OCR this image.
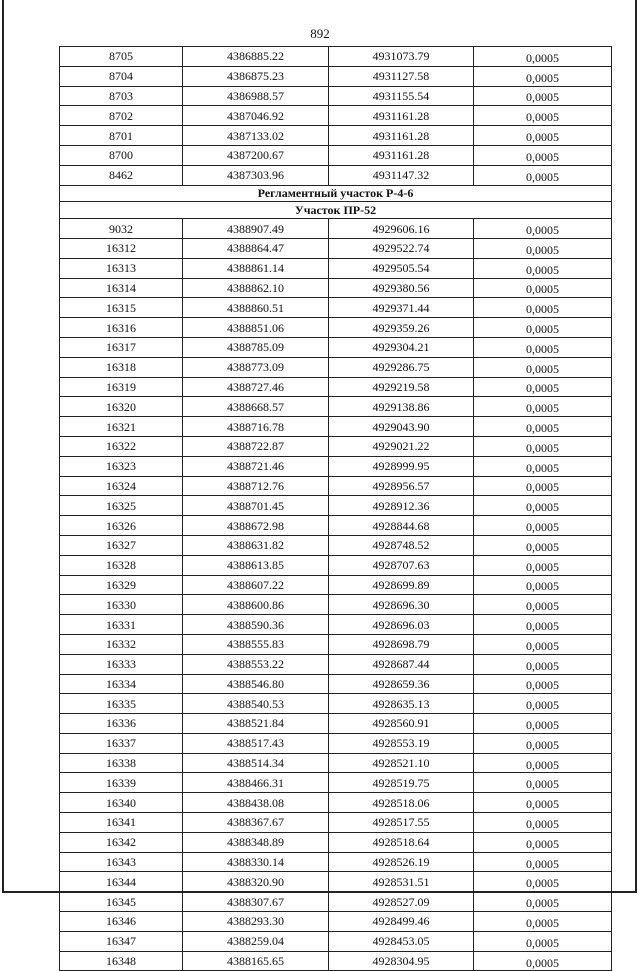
892
8705	4386885.22	4931073.79	0,0005
8704	4386875.23	4931127.58	0,0005
8703	4386988.57	4931155.54	0,0005
8702	4387046.92	4931161.28	0,0005
8701	4387133.02	4931161.28	0,0005
8700	4387200.67	4931161.28	0,0005
8462	4387303.96	4931147.32	0,0005
Регламентный участок Р-4-6			
Участок ПР-52			
9032	4388907.49	4929606.16	0,0005
16312	4388864.47	4929522.74	0,0005
16313	4388861.14	4929505.54	0,0005
16314	4388862.10	4929380.56	0,0005
16315	4388860.51	4929371.44	0,0005
16316	4388851.06	4929359.26	0,0005
16317	4388785.09	4929304.21	0,0005
16318	4388773.09	4929286.75	0,0005
16319	4388727.46	4929219.58	0,0005
16320	4388668.57	4929138.86	0,0005
16321	4388716.78	4929043.90	0,0005
16322	4388722.87	4929021.22	0,0005
16323	4388721.46	4928999.95	0,0005
16324	4388712.76	4928956.57	0,0005
16325	4388701.45	4928912.36	0,0005
16326	4388672.98	4928844.68	0,0005
16327	4388631.82	4928748.52	0,0005
16328	4388613.85	4928707.63	0,0005
16329	4388607.22	4928699.89	0,0005
16330	4388600.86	4928696.30	0,0005
16331	4388590.36	4928696.03	0,0005
16332	4388555.83	4928698.79	0,0005
16333	4388553.22	4928687.44	0,0005
16334	4388546.80	4928659.36	0,0005
16335	4388540.53	4928635.13	0,0005
16336	4388521.84	4928560.91	0,0005
16337	4388517.43	4928553.19	0,0005
16338	4388514.34	4928521.10	0,0005
16339	4388466.31	4928519.75	0,0005
16340	4388438.08	4928518.06	0,0005
16341	4388367.67	4928517.55	0,0005
16342	4388348.89	4928518.64	0,0005
16343	4388330.14	4928526.19	0,0005
16344	4388320.90	4928531.51	0,0005
16345	4388307.67	4928527.09	0,0005
16346	4388293.30	4928499.46	0,0005
16347	4388259.04	4928453.05	0,0005
16348	4388165.65	4928304.95	0,0005
